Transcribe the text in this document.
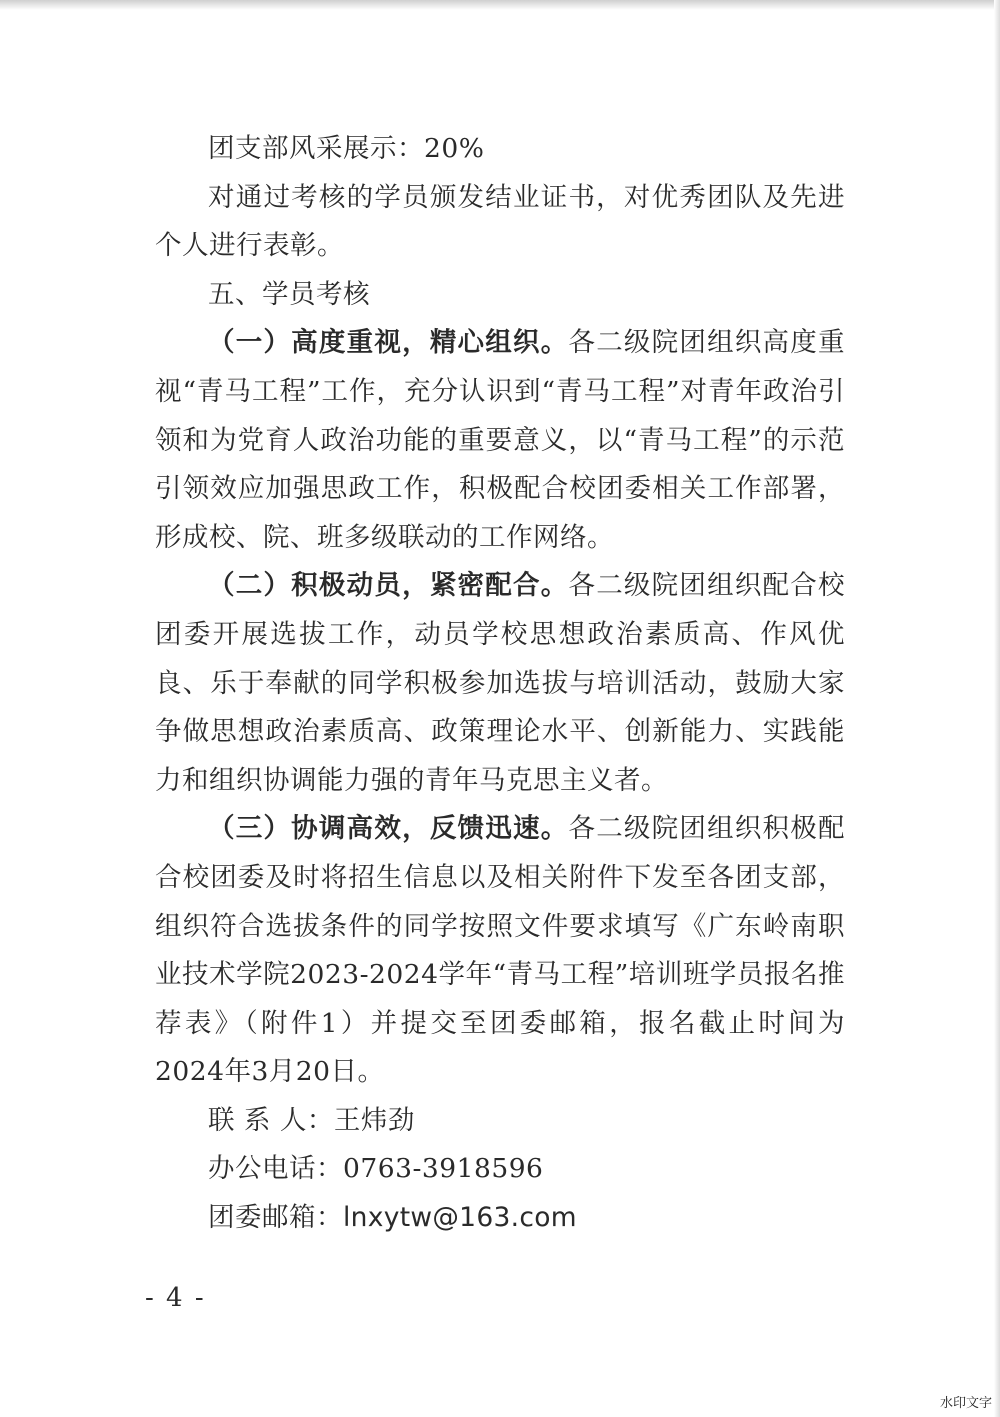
团支部风采展示：20%

对通过考核的学员颁发结业证书，对优秀团队及先进个人进行表彰。

五、学员考核

（一）高度重视，精心组织。各二级院团组织高度重视“青马工程”工作，充分认识到“青马工程”对青年政治引领和为党育人政治功能的重要意义，以“青马工程”的示范引领效应加强思政工作，积极配合校团委相关工作部署，形成校、院、班多级联动的工作网络。

（二）积极动员，紧密配合。各二级院团组织配合校团委开展选拔工作，动员学校思想政治素质高、作风优良、乐于奉献的同学积极参加选拔与培训活动，鼓励大家争做思想政治素质高、政策理论水平、创新能力、实践能力和组织协调能力强的青年马克思主义者。

（三）协调高效，反馈迅速。各二级院团组织积极配合校团委及时将招生信息以及相关附件下发至各团支部，组织符合选拔条件的同学按照文件要求填写《广东岭南职业技术学院2023-2024学年“青马工程”培训班学员报名推荐表》（附件1）并提交至团委邮箱，报名截止时间为2024年3月20日。

联 系 人：王炜劲

办公电话：0763-3918596

团委邮箱：lnxytw@163.com

- 4 -
水印文字
